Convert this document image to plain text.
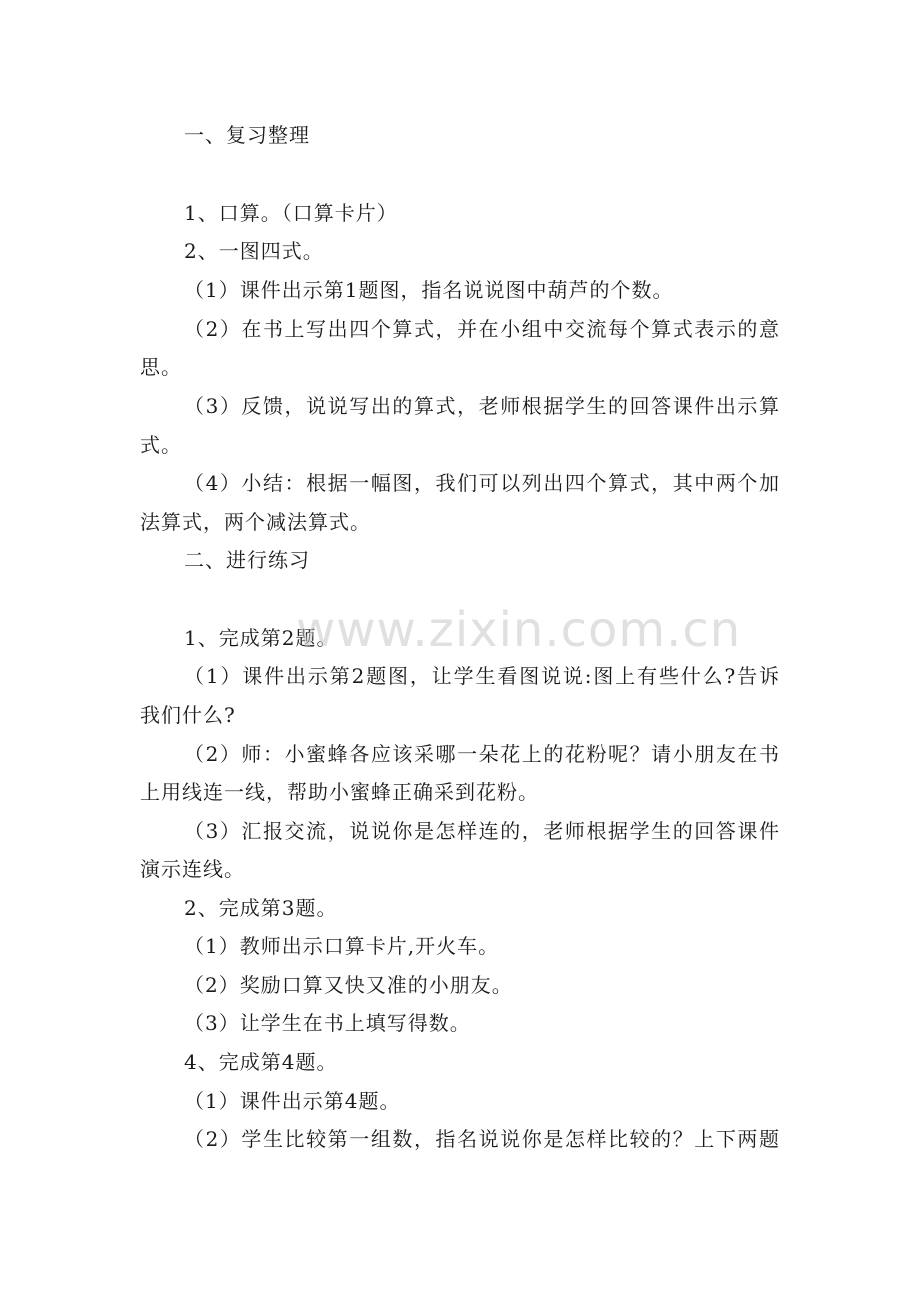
一、复习整理
1、口算。（口算卡片）
2、一图四式。
（1）课件出示第1题图，指名说说图中葫芦的个数。
（2）在书上写出四个算式，并在小组中交流每个算式表示的意
思。
（3）反馈，说说写出的算式，老师根据学生的回答课件出示算
式。
（4）小结：根据一幅图，我们可以列出四个算式，其中两个加
法算式，两个减法算式。
二、进行练习
1、完成第2题。
（1）课件出示第2题图，让学生看图说说:图上有些什么?告诉
我们什么?
（2）师：小蜜蜂各应该采哪一朵花上的花粉呢？请小朋友在书
上用线连一线，帮助小蜜蜂正确采到花粉。
（3）汇报交流，说说你是怎样连的，老师根据学生的回答课件
演示连线。
2、完成第3题。
（1）教师出示口算卡片,开火车。
（2）奖励口算又快又准的小朋友。
（3）让学生在书上填写得数。
4、完成第4题。
（1）课件出示第4题。
（2）学生比较第一组数，指名说说你是怎样比较的？上下两题
www.zixin.com.cn
